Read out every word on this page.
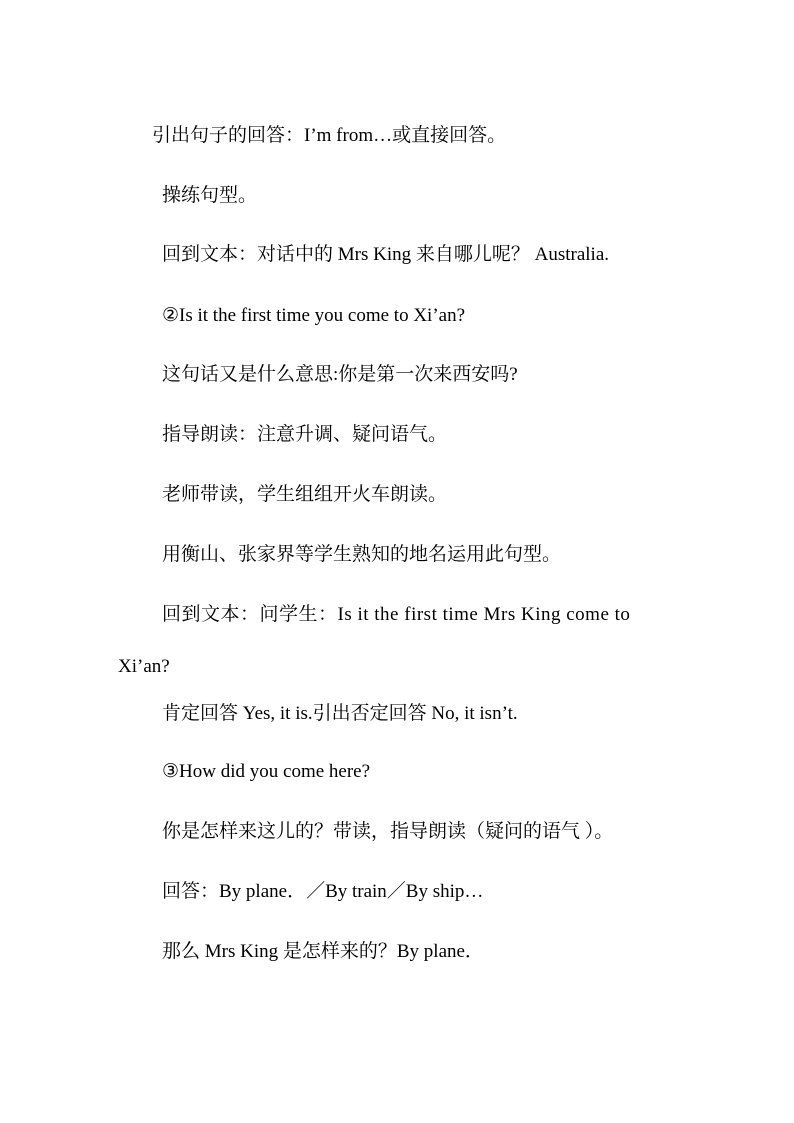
引出句子的回答：I’m from…或直接回答。

操练句型。

回到文本：对话中的 Mrs King 来自哪儿呢？ Australia.

②Is it the first time you come to Xi’an?

这句话又是什么意思:你是第一次来西安吗?

指导朗读：注意升调、疑问语气。

老师带读，学生组组开火车朗读。

用衡山、张家界等学生熟知的地名运用此句型。

回到文本：问学生：Is it the first time Mrs King come to

Xi’an?

肯定回答 Yes, it is.引出否定回答 No, it isn’t.

③How did you come here?

你是怎样来这儿的？带读，指导朗读（疑问的语气 ）。

回答：By plane．／By train／By ship…

那么 Mrs King 是怎样来的？By plane．
